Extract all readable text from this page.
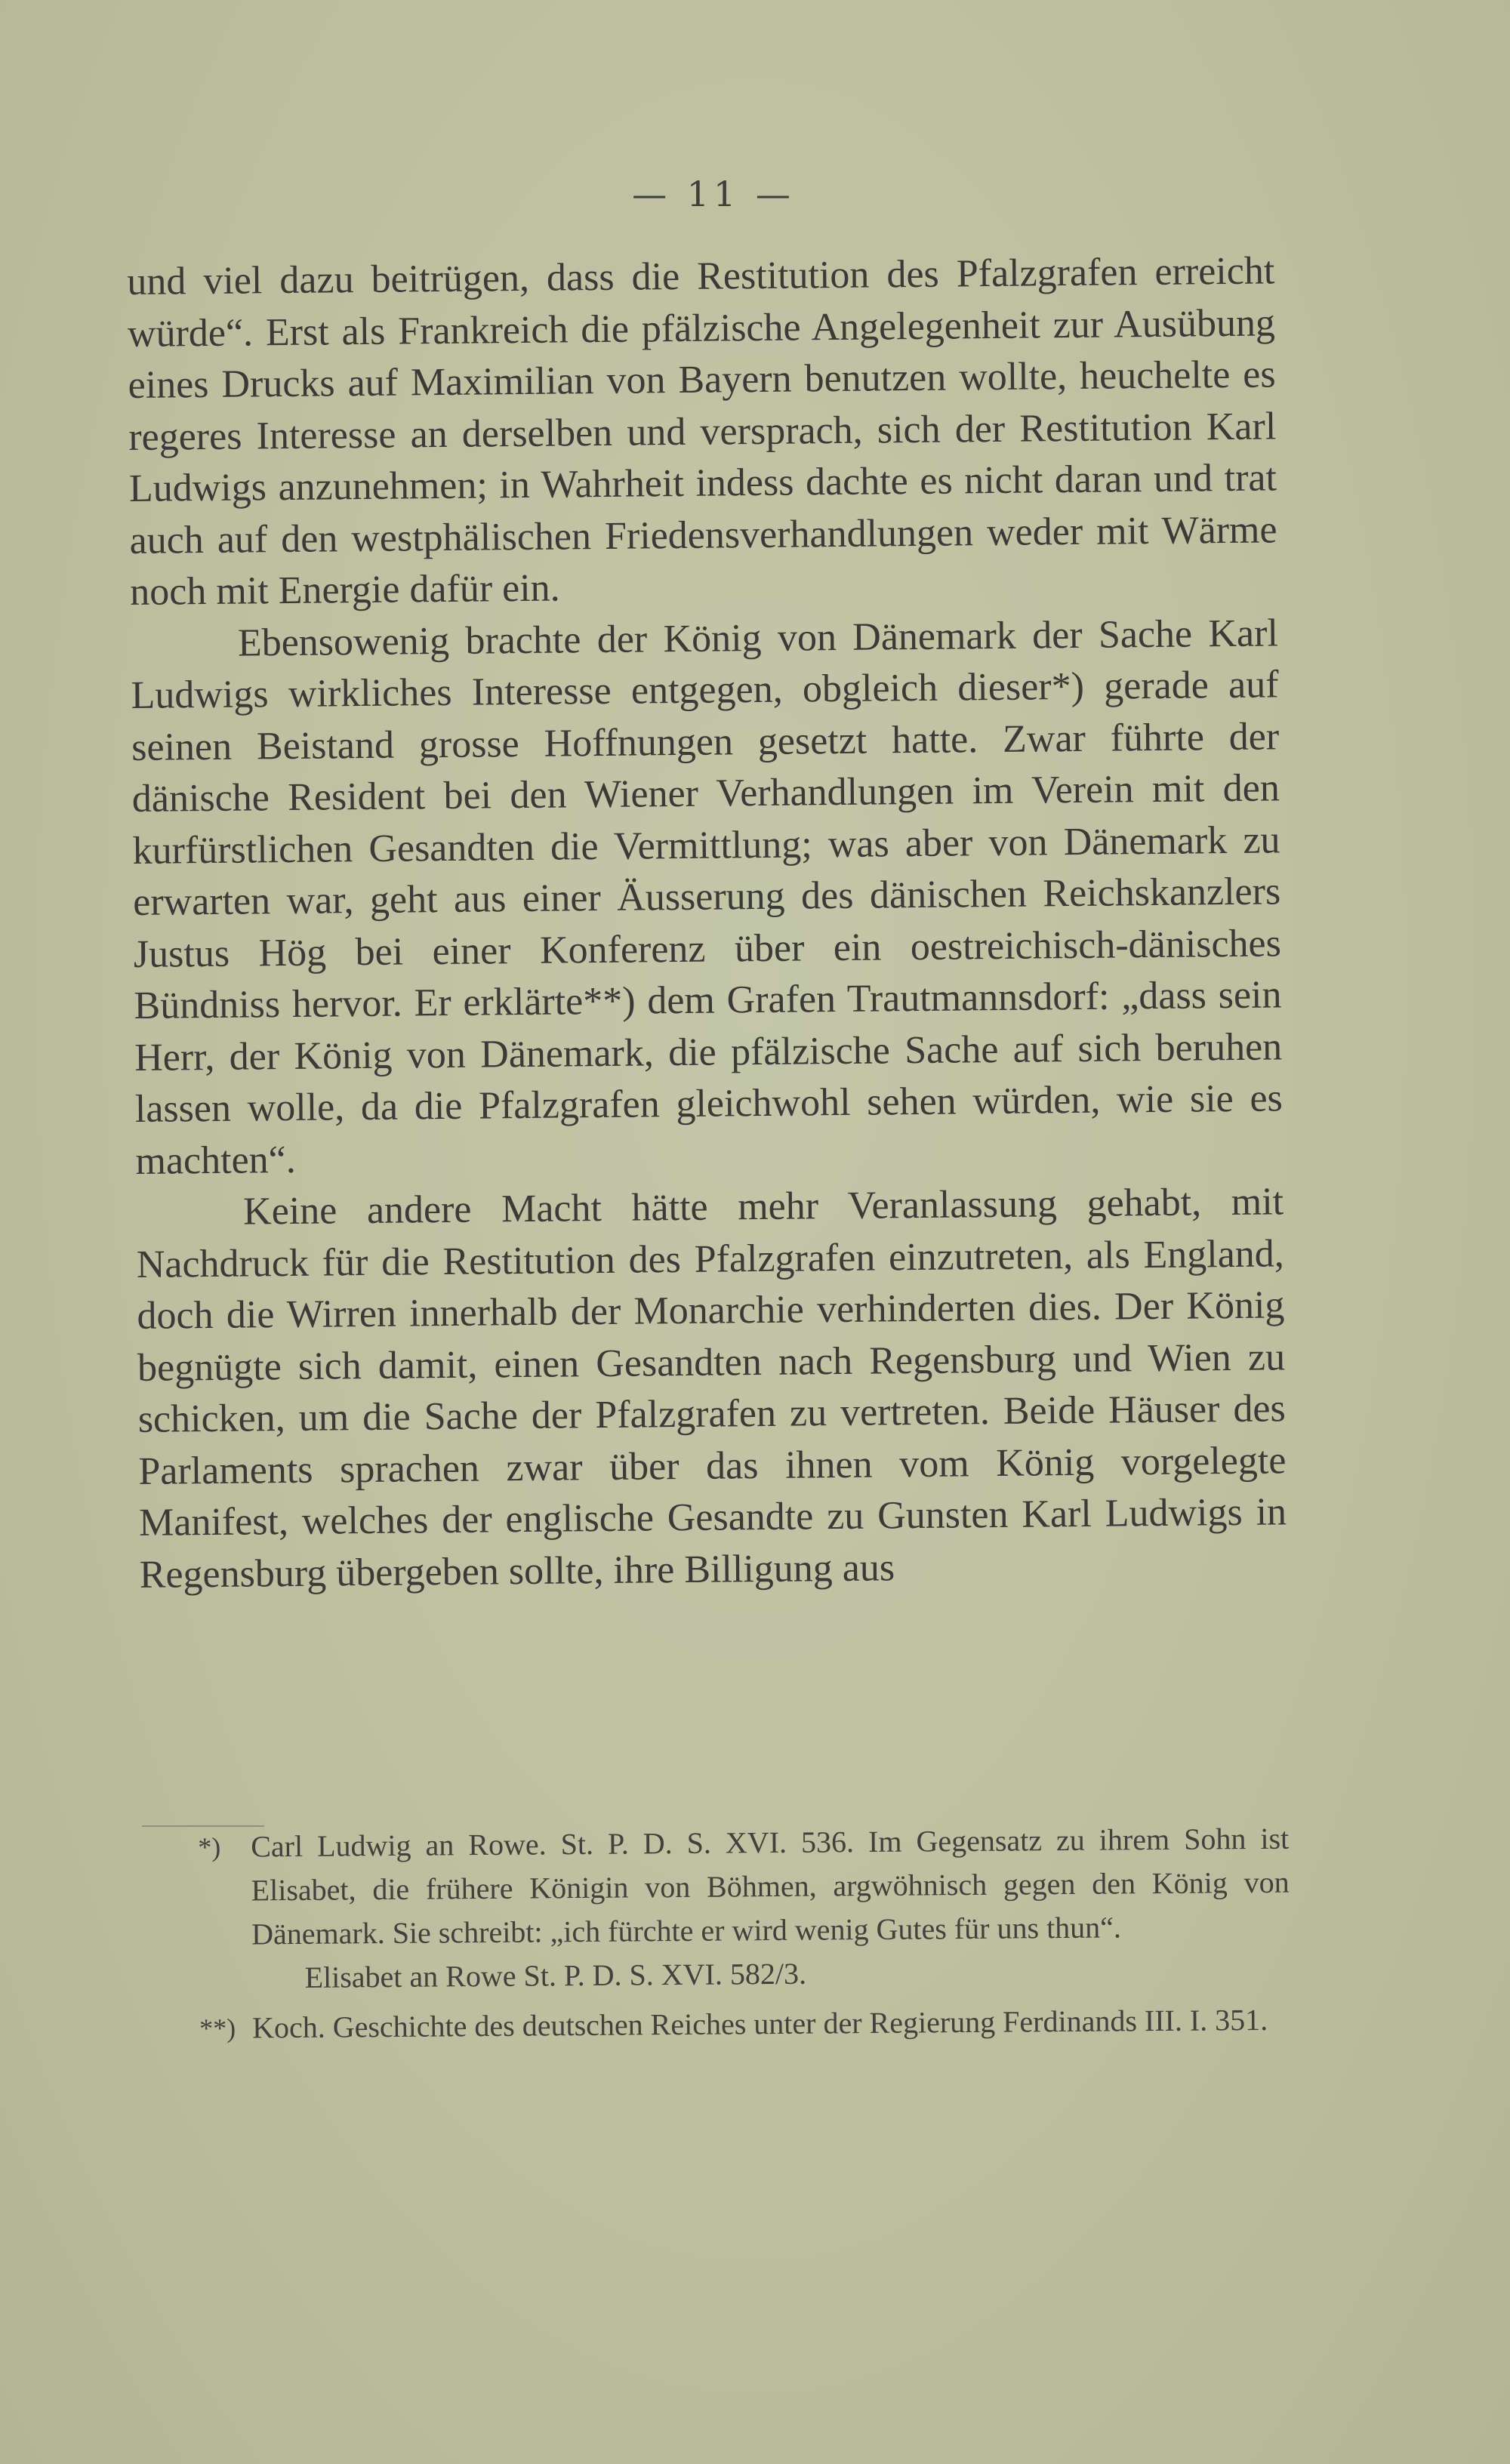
— 11 —

und viel dazu beitrügen, dass die Restitution des Pfalzgrafen erreicht würde“. Erst als Frankreich die pfälzische Angelegenheit zur Ausübung eines Drucks auf Maximilian von Bayern benutzen wollte, heuchelte es regeres Interesse an derselben und versprach, sich der Restitution Karl Ludwigs anzunehmen; in Wahrheit indess dachte es nicht daran und trat auch auf den westphälischen Friedensverhandlungen weder mit Wärme noch mit Energie dafür ein.

Ebensowenig brachte der König von Dänemark der Sache Karl Ludwigs wirkliches Interesse entgegen, obgleich dieser*) gerade auf seinen Beistand grosse Hoffnungen gesetzt hatte. Zwar führte der dänische Resident bei den Wiener Verhandlungen im Verein mit den kurfürstlichen Gesandten die Vermittlung; was aber von Dänemark zu erwarten war, geht aus einer Äusserung des dänischen Reichskanzlers Justus Hög bei einer Konferenz über ein oestreichisch-dänisches Bündniss hervor. Er erklärte**) dem Grafen Trautmannsdorf: „dass sein Herr, der König von Dänemark, die pfälzische Sache auf sich beruhen lassen wolle, da die Pfalzgrafen gleichwohl sehen würden, wie sie es machten“.

Keine andere Macht hätte mehr Veranlassung gehabt, mit Nachdruck für die Restitution des Pfalzgrafen einzutreten, als England, doch die Wirren innerhalb der Monarchie verhinderten dies. Der König begnügte sich damit, einen Gesandten nach Regensburg und Wien zu schicken, um die Sache der Pfalzgrafen zu vertreten. Beide Häuser des Parlaments sprachen zwar über das ihnen vom König vorgelegte Manifest, welches der englische Gesandte zu Gunsten Karl Ludwigs in Regensburg übergeben sollte, ihre Billigung aus

*) Carl Ludwig an Rowe. St. P. D. S. XVI. 536. Im Gegensatz zu ihrem Sohn ist Elisabet, die frühere Königin von Böhmen, argwöhnisch gegen den König von Dänemark. Sie schreibt: „ich fürchte er wird wenig Gutes für uns thun“.
Elisabet an Rowe St. P. D. S. XVI. 582/3.
**) Koch. Geschichte des deutschen Reiches unter der Regierung Ferdinands III. I. 351.
